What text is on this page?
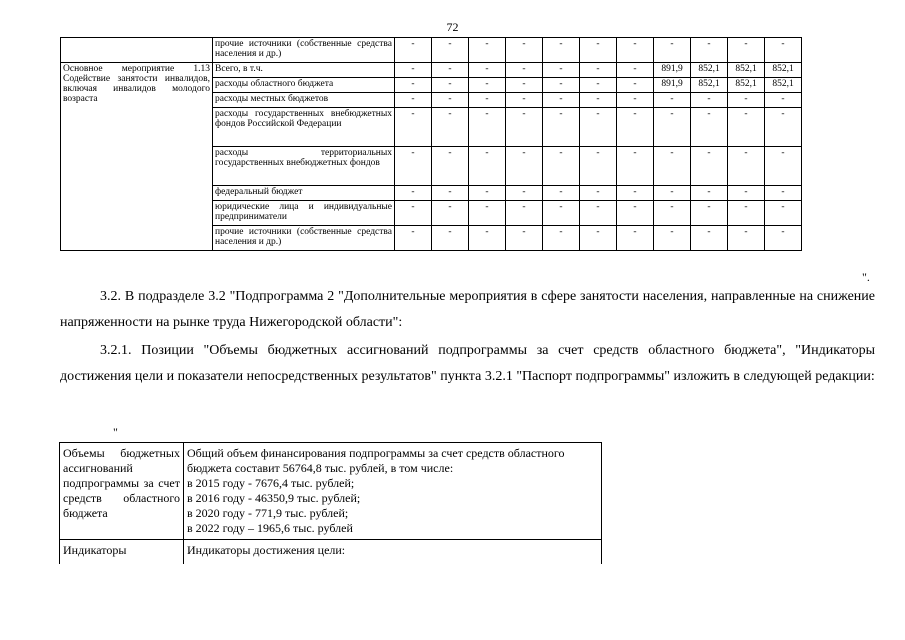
72
	прочие источники (собственные средства населения и др.)	-	-	-	-	-	-	-	-	-	-	-
Основное мероприятие 1.13 Содействие занятости инвалидов, включая инвалидов молодого возраста	Всего, в т.ч.	-	-	-	-	-	-	-	891,9	852,1	852,1	852,1
	расходы областного бюджета	-	-	-	-	-	-	-	891,9	852,1	852,1	852,1
	расходы местных бюджетов	-	-	-	-	-	-	-	-	-	-	-
	расходы государственных внебюджетных фондов Российской Федерации	-	-	-	-	-	-	-	-	-	-	-
	расходы территориальных государственных внебюджетных фондов	-	-	-	-	-	-	-	-	-	-	-
	федеральный бюджет	-	-	-	-	-	-	-	-	-	-	-
	юридические лица и индивидуальные предприниматели	-	-	-	-	-	-	-	-	-	-	-
	прочие источники (собственные средства населения и др.)	-	-	-	-	-	-	-	-	-	-	-
".
3.2. В подразделе 3.2 "Подпрограмма 2 "Дополнительные мероприятия в сфере занятости населения, направленные на снижение напряженности на рынке труда Нижегородской области":
3.2.1. Позиции "Объемы бюджетных ассигнований подпрограммы за счет средств областного бюджета", "Индикаторы достижения цели и показатели непосредственных результатов" пункта 3.2.1 "Паспорт подпрограммы" изложить в следующей редакции:
"
Объемы бюджетных ассигнований подпрограммы за счет средств областного бюджета	Общий объем финансирования подпрограммы за счет средств областного бюджета составит 56764,8 тыс. рублей, в том числе:
в 2015 году - 7676,4 тыс. рублей;
в 2016 году - 46350,9 тыс. рублей;
в 2020 году - 771,9 тыс. рублей;
в 2022 году – 1965,6 тыс. рублей

Индикаторы	Индикаторы достижения цели:
